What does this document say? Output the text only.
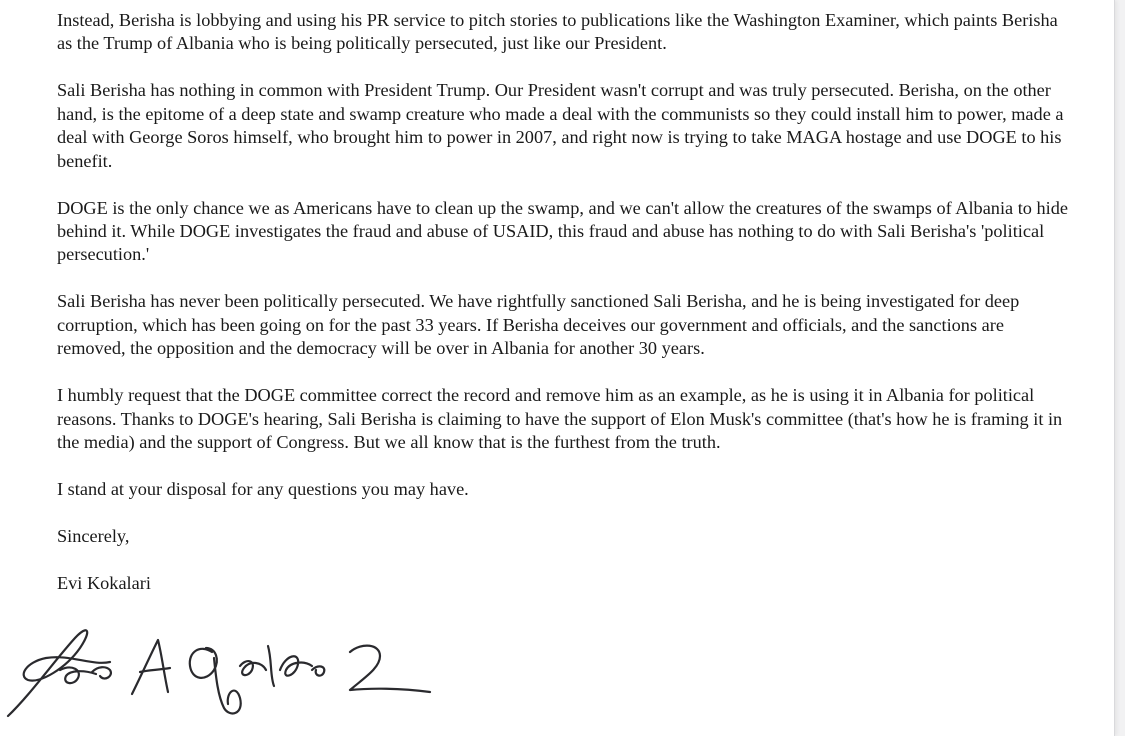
Instead, Berisha is lobbying and using his PR service to pitch stories to publications like the Washington Examiner, which paints Berisha as the Trump of Albania who is being politically persecuted, just like our President.

Sali Berisha has nothing in common with President Trump. Our President wasn't corrupt and was truly persecuted. Berisha, on the other hand, is the epitome of a deep state and swamp creature who made a deal with the communists so they could install him to power, made a deal with George Soros himself, who brought him to power in 2007, and right now is trying to take MAGA hostage and use DOGE to his benefit.

DOGE is the only chance we as Americans have to clean up the swamp, and we can't allow the creatures of the swamps of Albania to hide behind it. While DOGE investigates the fraud and abuse of USAID, this fraud and abuse has nothing to do with Sali Berisha's 'political persecution.'

Sali Berisha has never been politically persecuted. We have rightfully sanctioned Sali Berisha, and he is being investigated for deep corruption, which has been going on for the past 33 years. If Berisha deceives our government and officials, and the sanctions are removed, the opposition and the democracy will be over in Albania for another 30 years.

I humbly request that the DOGE committee correct the record and remove him as an example, as he is using it in Albania for political reasons. Thanks to DOGE's hearing, Sali Berisha is claiming to have the support of Elon Musk's committee (that's how he is framing it in the media) and the support of Congress. But we all know that is the furthest from the truth.

I stand at your disposal for any questions you may have.

Sincerely,

Evi Kokalari
